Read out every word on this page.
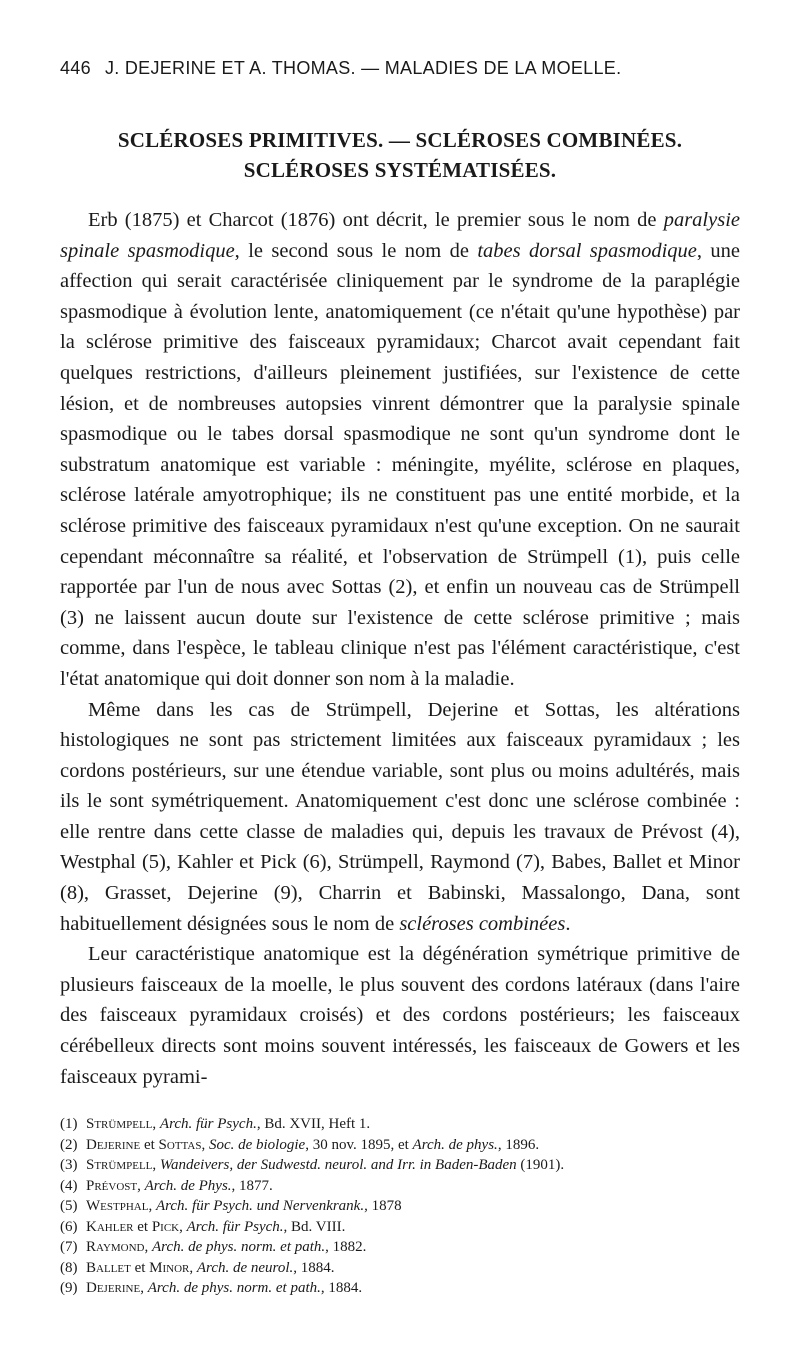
446 J. DEJERINE ET A. THOMAS. — MALADIES DE LA MOELLE.
SCLÉROSES PRIMITIVES. — SCLÉROSES COMBINÉES.
SCLÉROSES SYSTÉMATISÉES.

Erb (1875) et Charcot (1876) ont décrit, le premier sous le nom de paralysie spinale spasmodique, le second sous le nom de tabes dorsal spasmodique, une affection qui serait caractérisée cliniquement par le syndrome de la paraplégie spasmodique à évolution lente, anatomiquement (ce n'était qu'une hypothèse) par la sclérose primitive des faisceaux pyramidaux; Charcot avait cependant fait quelques restrictions, d'ailleurs pleinement justifiées, sur l'existence de cette lésion, et de nombreuses autopsies vinrent démontrer que la paralysie spinale spasmodique ou le tabes dorsal spasmodique ne sont qu'un syndrome dont le substratum anatomique est variable : méningite, myélite, sclérose en plaques, sclérose latérale amyotrophique; ils ne constituent pas une entité morbide, et la sclérose primitive des faisceaux pyramidaux n'est qu'une exception. On ne saurait cependant méconnaître sa réalité, et l'observation de Strümpell (1), puis celle rapportée par l'un de nous avec Sottas (2), et enfin un nouveau cas de Strümpell (3) ne laissent aucun doute sur l'existence de cette sclérose primitive ; mais comme, dans l'espèce, le tableau clinique n'est pas l'élément caractéristique, c'est l'état anatomique qui doit donner son nom à la maladie.

Même dans les cas de Strümpell, Dejerine et Sottas, les altérations histologiques ne sont pas strictement limitées aux faisceaux pyramidaux ; les cordons postérieurs, sur une étendue variable, sont plus ou moins adultérés, mais ils le sont symétriquement. Anatomiquement c'est donc une sclérose combinée : elle rentre dans cette classe de maladies qui, depuis les travaux de Prévost (4), Westphal (5), Kahler et Pick (6), Strümpell, Raymond (7), Babes, Ballet et Minor (8), Grasset, Dejerine (9), Charrin et Babinski, Massalongo, Dana, sont habituellement désignées sous le nom de scléroses combinées.

Leur caractéristique anatomique est la dégénération symétrique primitive de plusieurs faisceaux de la moelle, le plus souvent des cordons latéraux (dans l'aire des faisceaux pyramidaux croisés) et des cordons postérieurs; les faisceaux cérébelleux directs sont moins souvent intéressés, les faisceaux de Gowers et les faisceaux pyrami-

(1) Strümpell, Arch. für Psych., Bd. XVII, Heft 1.
(2) Dejerine et Sottas, Soc. de biologie, 30 nov. 1895, et Arch. de phys., 1896.
(3) Strümpell, Wandeivers, der Sudwestd. neurol. and Irr. in Baden-Baden (1901).
(4) Prévost, Arch. de Phys., 1877.
(5) Westphal, Arch. für Psych. und Nervenkrank., 1878
(6) Kahler et Pick, Arch. für Psych., Bd. VIII.
(7) Raymond, Arch. de phys. norm. et path., 1882.
(8) Ballet et Minor, Arch. de neurol., 1884.
(9) Dejerine, Arch. de phys. norm. et path., 1884.
